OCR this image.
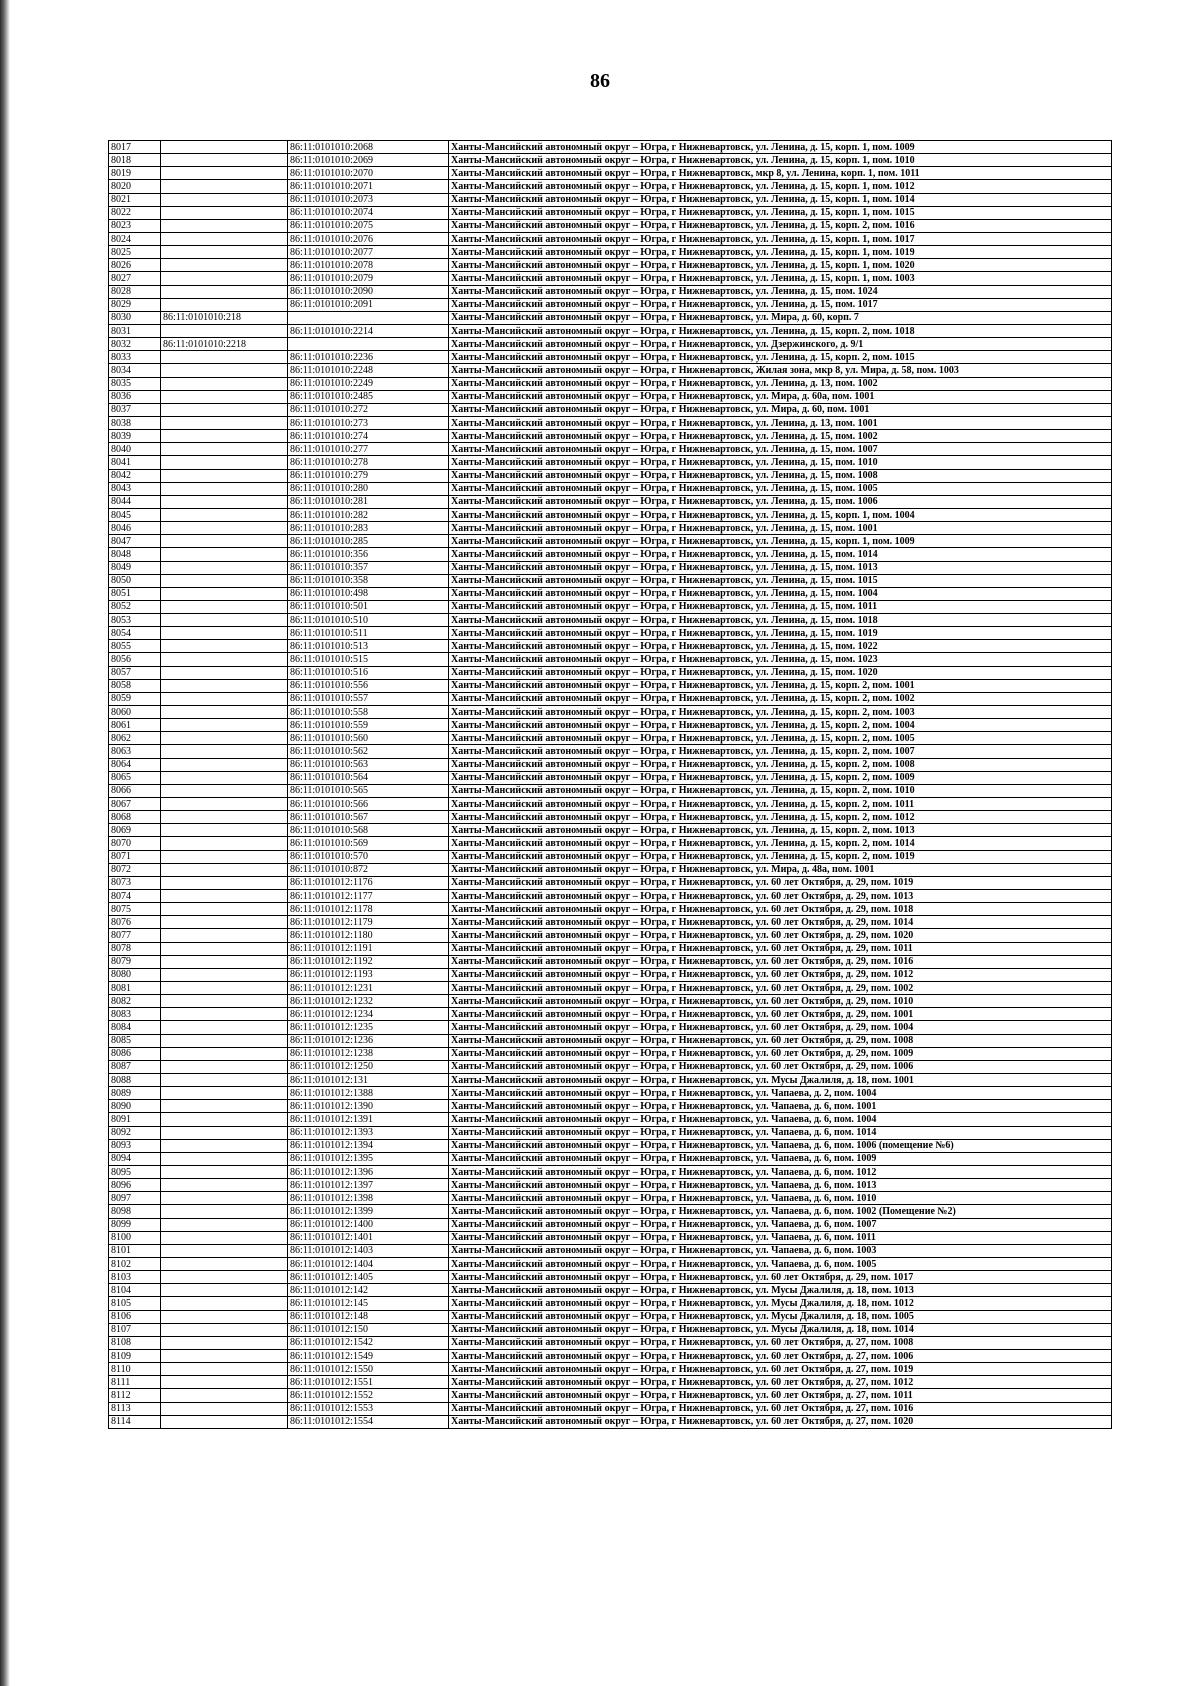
86
8017		86:11:0101010:2068	Ханты-Мансийский автономный округ – Югра, г Нижневартовск, ул. Ленина, д. 15, корп. 1, пом. 1009
8018		86:11:0101010:2069	Ханты-Мансийский автономный округ – Югра, г Нижневартовск, ул. Ленина, д. 15, корп. 1, пом. 1010
8019		86:11:0101010:2070	Ханты-Мансийский автономный округ – Югра, г Нижневартовск, мкр 8, ул. Ленина, корп. 1, пом. 1011
8020		86:11:0101010:2071	Ханты-Мансийский автономный округ – Югра, г Нижневартовск, ул. Ленина, д. 15, корп. 1, пом. 1012
8021		86:11:0101010:2073	Ханты-Мансийский автономный округ – Югра, г Нижневартовск, ул. Ленина, д. 15, корп. 1, пом. 1014
8022		86:11:0101010:2074	Ханты-Мансийский автономный округ – Югра, г Нижневартовск, ул. Ленина, д. 15, корп. 1, пом. 1015
8023		86:11:0101010:2075	Ханты-Мансийский автономный округ – Югра, г Нижневартовск, ул. Ленина, д. 15, корп. 2, пом. 1016
8024		86:11:0101010:2076	Ханты-Мансийский автономный округ – Югра, г Нижневартовск, ул. Ленина, д. 15, корп. 1, пом. 1017
8025		86:11:0101010:2077	Ханты-Мансийский автономный округ – Югра, г Нижневартовск, ул. Ленина, д. 15, корп. 1, пом. 1019
8026		86:11:0101010:2078	Ханты-Мансийский автономный округ – Югра, г Нижневартовск, ул. Ленина, д. 15, корп. 1, пом. 1020
8027		86:11:0101010:2079	Ханты-Мансийский автономный округ – Югра, г Нижневартовск, ул. Ленина, д. 15, корп. 1, пом. 1003
8028		86:11:0101010:2090	Ханты-Мансийский автономный округ – Югра, г Нижневартовск, ул. Ленина, д. 15, пом. 1024
8029		86:11:0101010:2091	Ханты-Мансийский автономный округ – Югра, г Нижневартовск, ул. Ленина, д. 15, пом. 1017
8030	86:11:0101010:218		Ханты-Мансийский автономный округ – Югра, г Нижневартовск, ул. Мира, д. 60, корп. 7
8031		86:11:0101010:2214	Ханты-Мансийский автономный округ – Югра, г Нижневартовск, ул. Ленина, д. 15, корп. 2, пом. 1018
8032	86:11:0101010:2218		Ханты-Мансийский автономный округ – Югра, г Нижневартовск, ул. Дзержинского, д. 9/1
8033		86:11:0101010:2236	Ханты-Мансийский автономный округ – Югра, г Нижневартовск, ул. Ленина, д. 15, корп. 2, пом. 1015
8034		86:11:0101010:2248	Ханты-Мансийский автономный округ – Югра, г Нижневартовск, Жилая зона, мкр 8, ул. Мира, д. 58, пом. 1003
8035		86:11:0101010:2249	Ханты-Мансийский автономный округ – Югра, г Нижневартовск, ул. Ленина, д. 13, пом. 1002
8036		86:11:0101010:2485	Ханты-Мансийский автономный округ – Югра, г Нижневартовск, ул. Мира, д. 60а, пом. 1001
8037		86:11:0101010:272	Ханты-Мансийский автономный округ – Югра, г Нижневартовск, ул. Мира, д. 60, пом. 1001
8038		86:11:0101010:273	Ханты-Мансийский автономный округ – Югра, г Нижневартовск, ул. Ленина, д. 13, пом. 1001
8039		86:11:0101010:274	Ханты-Мансийский автономный округ – Югра, г Нижневартовск, ул. Ленина, д. 15, пом. 1002
8040		86:11:0101010:277	Ханты-Мансийский автономный округ – Югра, г Нижневартовск, ул. Ленина, д. 15, пом. 1007
8041		86:11:0101010:278	Ханты-Мансийский автономный округ – Югра, г Нижневартовск, ул. Ленина, д. 15, пом. 1010
8042		86:11:0101010:279	Ханты-Мансийский автономный округ – Югра, г Нижневартовск, ул. Ленина, д. 15, пом. 1008
8043		86:11:0101010:280	Ханты-Мансийский автономный округ – Югра, г Нижневартовск, ул. Ленина, д. 15, пом. 1005
8044		86:11:0101010:281	Ханты-Мансийский автономный округ – Югра, г Нижневартовск, ул. Ленина, д. 15, пом. 1006
8045		86:11:0101010:282	Ханты-Мансийский автономный округ – Югра, г Нижневартовск, ул. Ленина, д. 15, корп. 1, пом. 1004
8046		86:11:0101010:283	Ханты-Мансийский автономный округ – Югра, г Нижневартовск, ул. Ленина, д. 15, пом. 1001
8047		86:11:0101010:285	Ханты-Мансийский автономный округ – Югра, г Нижневартовск, ул. Ленина, д. 15, корп. 1, пом. 1009
8048		86:11:0101010:356	Ханты-Мансийский автономный округ – Югра, г Нижневартовск, ул. Ленина, д. 15, пом. 1014
8049		86:11:0101010:357	Ханты-Мансийский автономный округ – Югра, г Нижневартовск, ул. Ленина, д. 15, пом. 1013
8050		86:11:0101010:358	Ханты-Мансийский автономный округ – Югра, г Нижневартовск, ул. Ленина, д. 15, пом. 1015
8051		86:11:0101010:498	Ханты-Мансийский автономный округ – Югра, г Нижневартовск, ул. Ленина, д. 15, пом. 1004
8052		86:11:0101010:501	Ханты-Мансийский автономный округ – Югра, г Нижневартовск, ул. Ленина, д. 15, пом. 1011
8053		86:11:0101010:510	Ханты-Мансийский автономный округ – Югра, г Нижневартовск, ул. Ленина, д. 15, пом. 1018
8054		86:11:0101010:511	Ханты-Мансийский автономный округ – Югра, г Нижневартовск, ул. Ленина, д. 15, пом. 1019
8055		86:11:0101010:513	Ханты-Мансийский автономный округ – Югра, г Нижневартовск, ул. Ленина, д. 15, пом. 1022
8056		86:11:0101010:515	Ханты-Мансийский автономный округ – Югра, г Нижневартовск, ул. Ленина, д. 15, пом. 1023
8057		86:11:0101010:516	Ханты-Мансийский автономный округ – Югра, г Нижневартовск, ул. Ленина, д. 15, пом. 1020
8058		86:11:0101010:556	Ханты-Мансийский автономный округ – Югра, г Нижневартовск, ул. Ленина, д. 15, корп. 2, пом. 1001
8059		86:11:0101010:557	Ханты-Мансийский автономный округ – Югра, г Нижневартовск, ул. Ленина, д. 15, корп. 2, пом. 1002
8060		86:11:0101010:558	Ханты-Мансийский автономный округ – Югра, г Нижневартовск, ул. Ленина, д. 15, корп. 2, пом. 1003
8061		86:11:0101010:559	Ханты-Мансийский автономный округ – Югра, г Нижневартовск, ул. Ленина, д. 15, корп. 2, пом. 1004
8062		86:11:0101010:560	Ханты-Мансийский автономный округ – Югра, г Нижневартовск, ул. Ленина, д. 15, корп. 2, пом. 1005
8063		86:11:0101010:562	Ханты-Мансийский автономный округ – Югра, г Нижневартовск, ул. Ленина, д. 15, корп. 2, пом. 1007
8064		86:11:0101010:563	Ханты-Мансийский автономный округ – Югра, г Нижневартовск, ул. Ленина, д. 15, корп. 2, пом. 1008
8065		86:11:0101010:564	Ханты-Мансийский автономный округ – Югра, г Нижневартовск, ул. Ленина, д. 15, корп. 2, пом. 1009
8066		86:11:0101010:565	Ханты-Мансийский автономный округ – Югра, г Нижневартовск, ул. Ленина, д. 15, корп. 2, пом. 1010
8067		86:11:0101010:566	Ханты-Мансийский автономный округ – Югра, г Нижневартовск, ул. Ленина, д. 15, корп. 2, пом. 1011
8068		86:11:0101010:567	Ханты-Мансийский автономный округ – Югра, г Нижневартовск, ул. Ленина, д. 15, корп. 2, пом. 1012
8069		86:11:0101010:568	Ханты-Мансийский автономный округ – Югра, г Нижневартовск, ул. Ленина, д. 15, корп. 2, пом. 1013
8070		86:11:0101010:569	Ханты-Мансийский автономный округ – Югра, г Нижневартовск, ул. Ленина, д. 15, корп. 2, пом. 1014
8071		86:11:0101010:570	Ханты-Мансийский автономный округ – Югра, г Нижневартовск, ул. Ленина, д. 15, корп. 2, пом. 1019
8072		86:11:0101010:872	Ханты-Мансийский автономный округ – Югра, г Нижневартовск, ул. Мира, д. 48а, пом. 1001
8073		86:11:0101012:1176	Ханты-Мансийский автономный округ – Югра, г Нижневартовск, ул. 60 лет Октября, д. 29, пом. 1019
8074		86:11:0101012:1177	Ханты-Мансийский автономный округ – Югра, г Нижневартовск, ул. 60 лет Октября, д. 29, пом. 1013
8075		86:11:0101012:1178	Ханты-Мансийский автономный округ – Югра, г Нижневартовск, ул. 60 лет Октября, д. 29, пом. 1018
8076		86:11:0101012:1179	Ханты-Мансийский автономный округ – Югра, г Нижневартовск, ул. 60 лет Октября, д. 29, пом. 1014
8077		86:11:0101012:1180	Ханты-Мансийский автономный округ – Югра, г Нижневартовск, ул. 60 лет Октября, д. 29, пом. 1020
8078		86:11:0101012:1191	Ханты-Мансийский автономный округ – Югра, г Нижневартовск, ул. 60 лет Октября, д. 29, пом. 1011
8079		86:11:0101012:1192	Ханты-Мансийский автономный округ – Югра, г Нижневартовск, ул. 60 лет Октября, д. 29, пом. 1016
8080		86:11:0101012:1193	Ханты-Мансийский автономный округ – Югра, г Нижневартовск, ул. 60 лет Октября, д. 29, пом. 1012
8081		86:11:0101012:1231	Ханты-Мансийский автономный округ – Югра, г Нижневартовск, ул. 60 лет Октября, д. 29, пом. 1002
8082		86:11:0101012:1232	Ханты-Мансийский автономный округ – Югра, г Нижневартовск, ул. 60 лет Октября, д. 29, пом. 1010
8083		86:11:0101012:1234	Ханты-Мансийский автономный округ – Югра, г Нижневартовск, ул. 60 лет Октября, д. 29, пом. 1001
8084		86:11:0101012:1235	Ханты-Мансийский автономный округ – Югра, г Нижневартовск, ул. 60 лет Октября, д. 29, пом. 1004
8085		86:11:0101012:1236	Ханты-Мансийский автономный округ – Югра, г Нижневартовск, ул. 60 лет Октября, д. 29, пом. 1008
8086		86:11:0101012:1238	Ханты-Мансийский автономный округ – Югра, г Нижневартовск, ул. 60 лет Октября, д. 29, пом. 1009
8087		86:11:0101012:1250	Ханты-Мансийский автономный округ – Югра, г Нижневартовск, ул. 60 лет Октября, д. 29, пом. 1006
8088		86:11:0101012:131	Ханты-Мансийский автономный округ – Югра, г Нижневартовск, ул. Мусы Джалиля, д. 18, пом. 1001
8089		86:11:0101012:1388	Ханты-Мансийский автономный округ – Югра, г Нижневартовск, ул. Чапаева, д. 2, пом. 1004
8090		86:11:0101012:1390	Ханты-Мансийский автономный округ – Югра, г Нижневартовск, ул. Чапаева, д. 6, пом. 1001
8091		86:11:0101012:1391	Ханты-Мансийский автономный округ – Югра, г Нижневартовск, ул. Чапаева, д. 6, пом. 1004
8092		86:11:0101012:1393	Ханты-Мансийский автономный округ – Югра, г Нижневартовск, ул. Чапаева, д. 6, пом. 1014
8093		86:11:0101012:1394	Ханты-Мансийский автономный округ – Югра, г Нижневартовск, ул. Чапаева, д. 6, пом. 1006 (помещение №6)
8094		86:11:0101012:1395	Ханты-Мансийский автономный округ – Югра, г Нижневартовск, ул. Чапаева, д. 6, пом. 1009
8095		86:11:0101012:1396	Ханты-Мансийский автономный округ – Югра, г Нижневартовск, ул. Чапаева, д. 6, пом. 1012
8096		86:11:0101012:1397	Ханты-Мансийский автономный округ – Югра, г Нижневартовск, ул. Чапаева, д. 6, пом. 1013
8097		86:11:0101012:1398	Ханты-Мансийский автономный округ – Югра, г Нижневартовск, ул. Чапаева, д. 6, пом. 1010
8098		86:11:0101012:1399	Ханты-Мансийский автономный округ – Югра, г Нижневартовск, ул. Чапаева, д. 6, пом. 1002 (Помещение №2)
8099		86:11:0101012:1400	Ханты-Мансийский автономный округ – Югра, г Нижневартовск, ул. Чапаева, д. 6, пом. 1007
8100		86:11:0101012:1401	Ханты-Мансийский автономный округ – Югра, г Нижневартовск, ул. Чапаева, д. 6, пом. 1011
8101		86:11:0101012:1403	Ханты-Мансийский автономный округ – Югра, г Нижневартовск, ул. Чапаева, д. 6, пом. 1003
8102		86:11:0101012:1404	Ханты-Мансийский автономный округ – Югра, г Нижневартовск, ул. Чапаева, д. 6, пом. 1005
8103		86:11:0101012:1405	Ханты-Мансийский автономный округ – Югра, г Нижневартовск, ул. 60 лет Октября, д. 29, пом. 1017
8104		86:11:0101012:142	Ханты-Мансийский автономный округ – Югра, г Нижневартовск, ул. Мусы Джалиля, д. 18, пом. 1013
8105		86:11:0101012:145	Ханты-Мансийский автономный округ – Югра, г Нижневартовск, ул. Мусы Джалиля, д. 18, пом. 1012
8106		86:11:0101012:148	Ханты-Мансийский автономный округ – Югра, г Нижневартовск, ул. Мусы Джалиля, д. 18, пом. 1005
8107		86:11:0101012:150	Ханты-Мансийский автономный округ – Югра, г Нижневартовск, ул. Мусы Джалиля, д. 18, пом. 1014
8108		86:11:0101012:1542	Ханты-Мансийский автономный округ – Югра, г Нижневартовск, ул. 60 лет Октября, д. 27, пом. 1008
8109		86:11:0101012:1549	Ханты-Мансийский автономный округ – Югра, г Нижневартовск, ул. 60 лет Октября, д. 27, пом. 1006
8110		86:11:0101012:1550	Ханты-Мансийский автономный округ – Югра, г Нижневартовск, ул. 60 лет Октября, д. 27, пом. 1019
8111		86:11:0101012:1551	Ханты-Мансийский автономный округ – Югра, г Нижневартовск, ул. 60 лет Октября, д. 27, пом. 1012
8112		86:11:0101012:1552	Ханты-Мансийский автономный округ – Югра, г Нижневартовск, ул. 60 лет Октября, д. 27, пом. 1011
8113		86:11:0101012:1553	Ханты-Мансийский автономный округ – Югра, г Нижневартовск, ул. 60 лет Октября, д. 27, пом. 1016
8114		86:11:0101012:1554	Ханты-Мансийский автономный округ – Югра, г Нижневартовск, ул. 60 лет Октября, д. 27, пом. 1020
